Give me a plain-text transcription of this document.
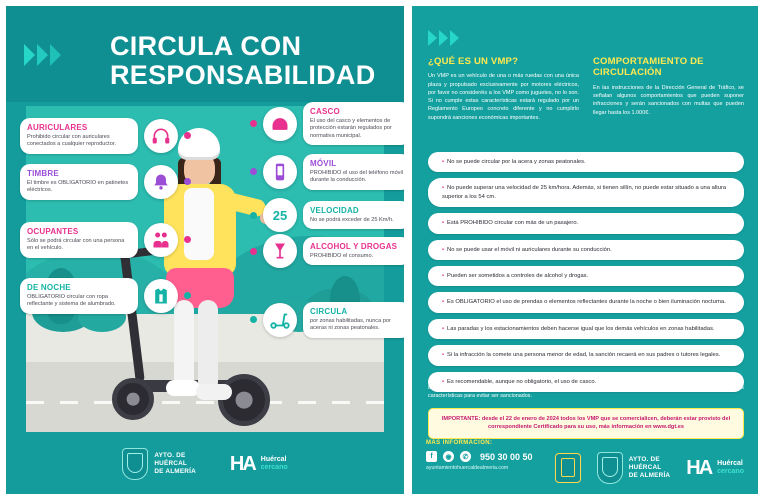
CIRCULA CON
RESPONSABILIDAD
AURICULARES
Prohibido circular con auriculares conectados a cualquier reproductor.
TIMBRE
El timbre es OBLIGATORIO en patinetes eléctricos.
OCUPANTES
Sólo se podrá circular con una persona en el vehículo.
DE NOCHE
OBLIGATORIO circular con ropa reflectante y sistema de alumbrado.
CASCO
El uso del casco y elementos de protección estarán regulados por normativa municipal.
MÓVIL
PROHIBIDO el uso del teléfono móvil durante la conducción.
25	VELOCIDAD
No se podrá exceder de 25 Km/h.
ALCOHOL Y DROGAS
PROHIBIDO el consumo.
CIRCULA
por zonas habilitadas, nunca por aceras ni zonas peatonales.
AYTO. DE
HUÉRCAL
DE ALMERÍA HA Huércal
cercano
¿QUÉ ES UN VMP?
Un VMP es un vehículo de una o más ruedas con una única plaza y propulsado exclusivamente por motores eléctricos, por favor no consideréis a los VMP como juguetes, no lo son. Si no cumple estas características estará regulado por un Reglamento Europeo concreto diferente y no cumplirlo supondrá sanciones económicas importantes.
COMPORTAMIENTO DE
CIRCULACIÓN
En las instrucciones de la Dirección General de Tráfico, se señalan algunos comportamientos que pueden suponer infracciones y serán sancionados con multas que pueden llegar hasta los 1.000€.
• No se puede circular por la acera y zonas peatonales.
• No puede superar una velocidad de 25 km/hora. Además, si tienen sillín, no puede estar situado a una altura superior a los 54 cm.
• Está PROHIBIDO circular con más de un pasajero.
• No se puede usar el móvil ni auriculares durante su conducción.
• Pueden ser sometidos a controles de alcohol y drogas.
• Es OBLIGATORIO el uso de prendas o elementos reflectantes durante la noche o bien iluminación nocturna.
• Las paradas y los estacionamientos deben hacerse igual que los demás vehículos en zonas habilitadas.
• Si la infracción la comete una persona menor de edad, la sanción recaerá en sus padres o tutores legales.
• Es recomendable, aunque no obligatorio, el uso de casco.
Estas instrucciones son obligatorias y deben conocerse antes de adquirir un patinete eléctrico y comprobar que cumplan las características para evitar ser sancionados.
IMPORTANTE: desde el 22 de enero de 2024 todos los VMP que se comercialicen, deberán estar provisto del correspondiente Certificado para su uso, más información en www.dgt.es
MÁS INFORMACIÓN:
f	◉	✆ 950 30 00 50
ayuntamientohuercaldealmeria.com
AYTO. DE
HUÉRCAL
DE ALMERÍA HA Huércal
cercano
